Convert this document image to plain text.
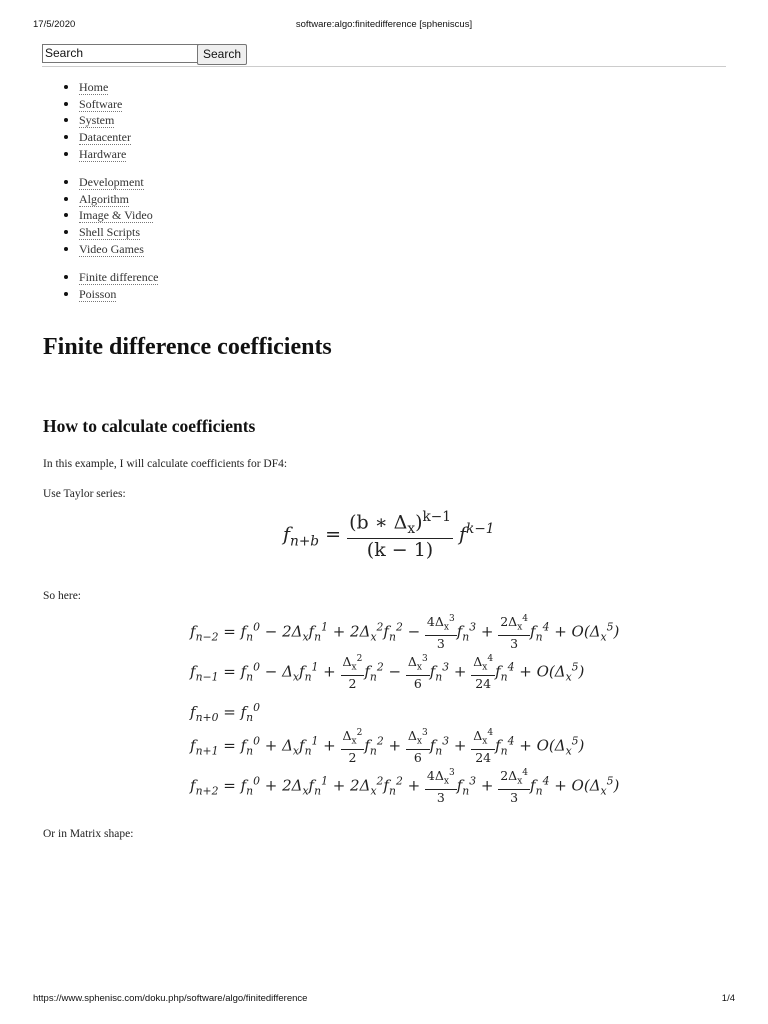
17/5/2020	software:algo:finitedifference [spheniscus]
Search	Search
Home
Software
System
Datacenter
Hardware
Development
Algorithm
Image & Video
Shell Scripts
Video Games
Finite difference
Poisson
Finite difference coefficients
How to calculate coefficients

In this example, I will calculate coefficients for DF4:

Use Taylor series:

$f_{n+b} = \frac{(b ∗ \Delta_x)^{k-1}}{(k - 1)} f^{k-1}$

So here:

$f_{n-2} = f_n^0 - 2\Delta_xf_n^1 + 2\Delta_x^2f_n^2 - \frac{4\Delta_x^3}{3} f_n^3 + \frac{2\Delta_x^4}{3} f_n^4 + O(\Delta_x^5)$
$f_{n-1} = f_n^0 - \Delta_xf_n^1 + \frac{\Delta_x^2}{2} f_n^2 - \frac{\Delta_x^3}{6} f_n^3 + \frac{\Delta_x^4}{24} f_n^4 + O(\Delta_x^5)$
$f_{n+0} = f_n^0$
$f_{n+1} = f_n^0 + \Delta_xf_n^1 + \frac{\Delta_x^2}{2} f_n^2 + \frac{\Delta_x^3}{6} f_n^3 + \frac{\Delta_x^4}{24} f_n^4 + O(\Delta_x^5)$
$f_{n+2} = f_n^0 + 2\Delta_xf_n^1 + 2\Delta_x^2f_n^2 + \frac{4\Delta_x^3}{3} f_n^3 + \frac{2\Delta_x^4}{3} f_n^4 + O(\Delta_x^5)$

Or in Matrix shape:

https://www.sphenisc.com/doku.php/software/algo/finitedifference	1/4
